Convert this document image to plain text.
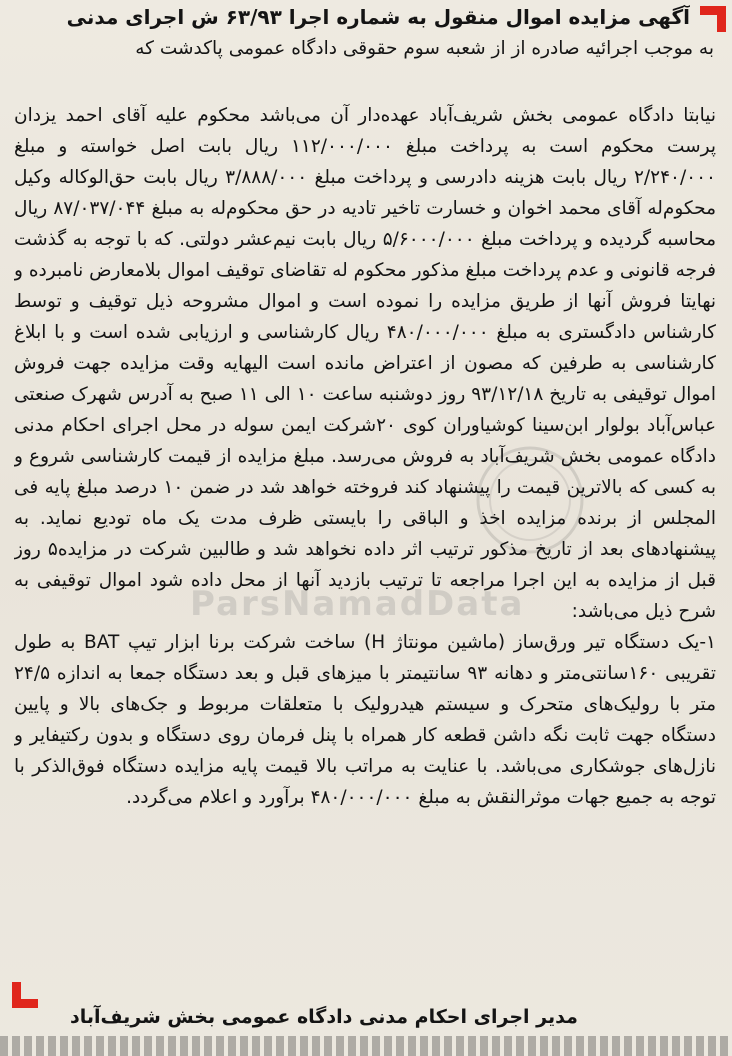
آگهی مزایده اموال منقول به شماره اجرا ۶۳/۹۳ ش اجرای مدنی
به موجب اجرائیه صادره از از شعبه سوم حقوقی دادگاه عمومی پاکدشت که
ParsNamadData
نیابتا دادگاه عمومی بخش شریف‌آباد عهده‌دار آن می‌باشد محکوم علیه آقای احمد یزدان پرست محکوم است به پرداخت مبلغ ۱۱۲/۰۰۰/۰۰۰ ریال بابت اصل خواسته و مبلغ ۲/۲۴۰/۰۰۰ ریال بابت هزینه دادرسی و پرداخت مبلغ ۳/۸۸۸/۰۰۰ ریال بابت حق‌الوکاله وکیل محکوم‌له آقای محمد اخوان و خسارت تاخیر تادیه در حق محکوم‌له به مبلغ ۸۷/۰۳۷/۰۴۴ ریال محاسبه گردیده و پرداخت مبلغ ۵/۶۰۰۰/۰۰۰ ریال بابت نیم‌عشر دولتی. که با توجه به گذشت فرجه قانونی و عدم پرداخت مبلغ مذکور محکوم له تقاضای توقیف اموال بلامعارض نامبرده و نهایتا فروش آنها از طریق مزایده را نموده است و اموال مشروحه ذیل توقیف و توسط کارشناس دادگستری به مبلغ ۴۸۰/۰۰۰/۰۰۰ ریال کارشناسی و ارزیابی شده است و با ابلاغ کارشناسی به طرفین که مصون از اعتراض مانده است الیهایه وقت مزایده جهت فروش اموال توقیفی به تاریخ ۹۳/۱۲/۱۸ روز دوشنبه ساعت ۱۰ الی ۱۱ صبح به آدرس شهرک صنعتی عباس‌آباد بولوار ابن‌سینا کوشیاوران کوی ۲۰شرکت ایمن سوله در محل اجرای احکام مدنی دادگاه عمومی بخش شریف‌آباد به فروش می‌رسد. مبلغ مزایده از قیمت کارشناسی شروع و به کسی که بالاترین قیمت را پیشنهاد کند فروخته خواهد شد در ضمن ۱۰ درصد مبلغ پایه فی المجلس از برنده مزایده اخذ و الباقی را بایستی ظرف مدت یک ماه تودیع نماید. به پیشنهادهای بعد از تاریخ مذکور ترتیب اثر داده نخواهد شد و طالبین شرکت در مزایده۵ روز قبل از مزایده به این اجرا مراجعه تا ترتیب بازدید آنها از محل داده شود اموال توقیفی به شرح ذیل می‌باشد:
۱-یک دستگاه تیر ورق‌ساز (ماشین مونتاژ H) ساخت شرکت برنا ابزار تیپ BAT به طول تقریبی ۱۶۰سانتی‌متر و دهانه ۹۳ سانتیمتر با میزهای قبل و بعد دستگاه جمعا به اندازه ۲۴/۵ متر با رولیک‌های متحرک و سیستم هیدرولیک با متعلقات مربوط و جک‌های بالا و پایین دستگاه جهت ثابت نگه داشن قطعه کار همراه با پنل فرمان روی دستگاه و بدون رکتیفایر و نازل‌های جوشکاری می‌باشد. با عنایت به مراتب بالا قیمت پایه مزایده دستگاه فوق‌الذکر با توجه به جمیع جهات موثرالنقش به مبلغ ۴۸۰/۰۰۰/۰۰۰ برآورد و اعلام می‌گردد.
مدیر اجرای احکام مدنی دادگاه عمومی بخش شریف‌آباد
